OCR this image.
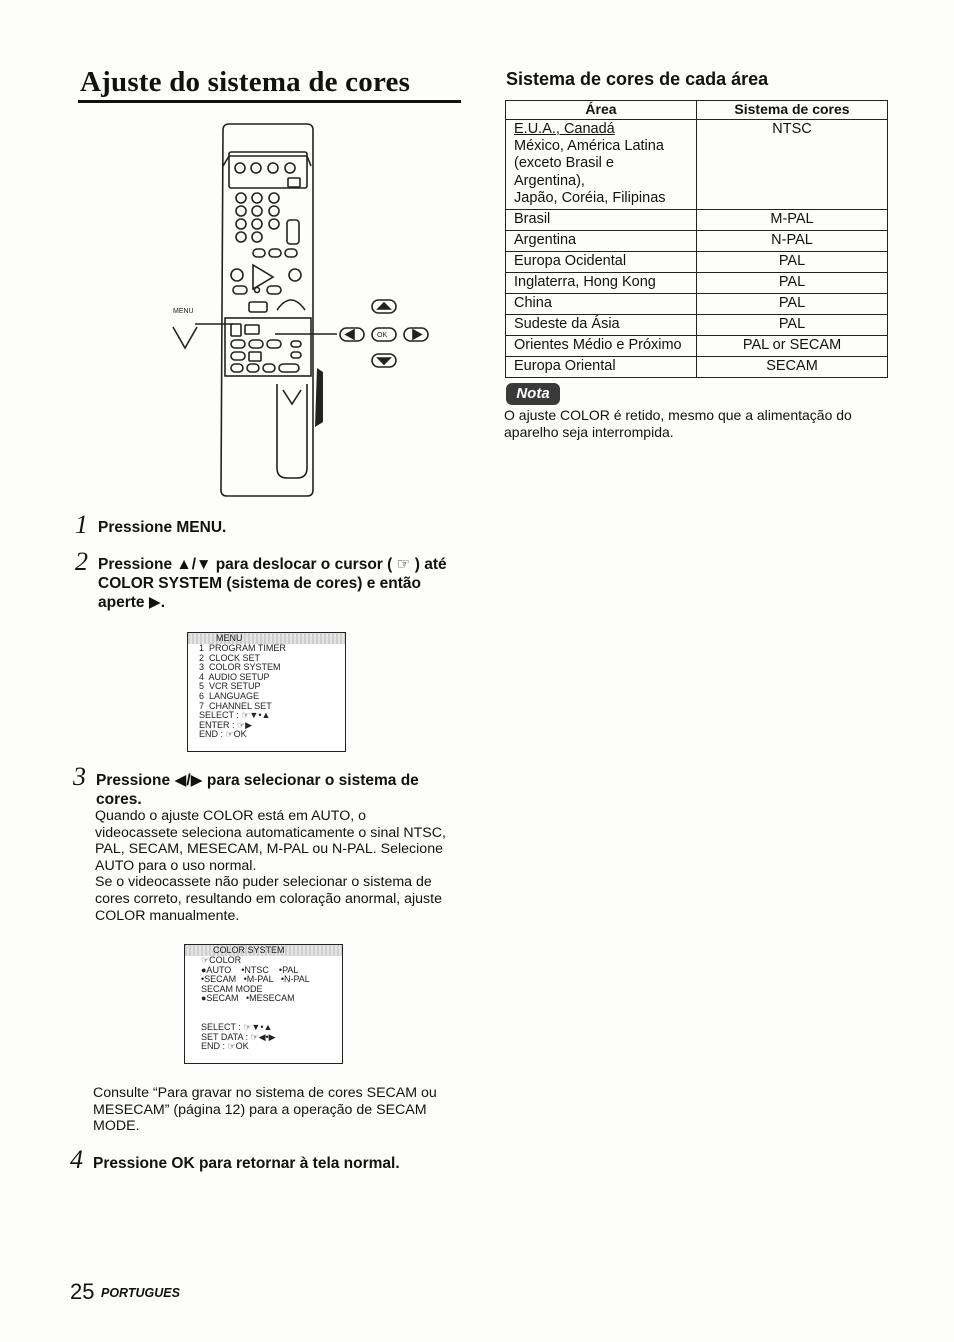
Ajuste do sistema de cores
MENU
OK
1 Pressione MENU.
2 Pressione ▲/▼ para deslocar o cursor ( ☞ ) até
COLOR SYSTEM (sistema de cores) e então
aperte ▶.
MENU
1  PROGRAM TIMER
2  CLOCK SET
3  COLOR SYSTEM
4  AUDIO SETUP
5  VCR SETUP
6  LANGUAGE
7  CHANNEL SET
SELECT : ☞▼•▲
ENTER : ☞▶
END : ☞OK
3 Pressione ◀/▶ para selecionar o sistema de
cores.
Quando o ajuste COLOR está em AUTO, o
videocassete seleciona automaticamente o sinal NTSC,
PAL, SECAM, MESECAM, M-PAL ou N-PAL. Selecione
AUTO para o uso normal.
Se o videocassete não puder selecionar o sistema de
cores correto, resultando em coloração anormal, ajuste
COLOR manualmente.
COLOR SYSTEM
☞COLOR
●AUTO    •NTSC    •PAL
•SECAM   •M-PAL   •N-PAL
SECAM MODE
●SECAM   •MESECAM
SELECT : ☞▼•▲
SET DATA : ☞◀•▶
END : ☞OK
Consulte “Para gravar no sistema de cores SECAM ou
MESECAM” (página 12) para a operação de SECAM
MODE.
4 Pressione OK para retornar à tela normal.
Sistema de cores de cada área
Área	Sistema de cores

E.U.A., Canadá
México, América Latina
(exceto Brasil e Argentina),
Japão, Coréia, Filipinas	NTSC
Brasil	M-PAL
Argentina	N-PAL
Europa Ocidental	PAL
Inglaterra, Hong Kong	PAL
China	PAL
Sudeste da Ásia	PAL
Orientes Médio e Próximo	PAL or SECAM
Europa Oriental	SECAM
Nota
O ajuste COLOR é retido, mesmo que a alimentação do
aparelho seja interrompida.
25 PORTUGUES
